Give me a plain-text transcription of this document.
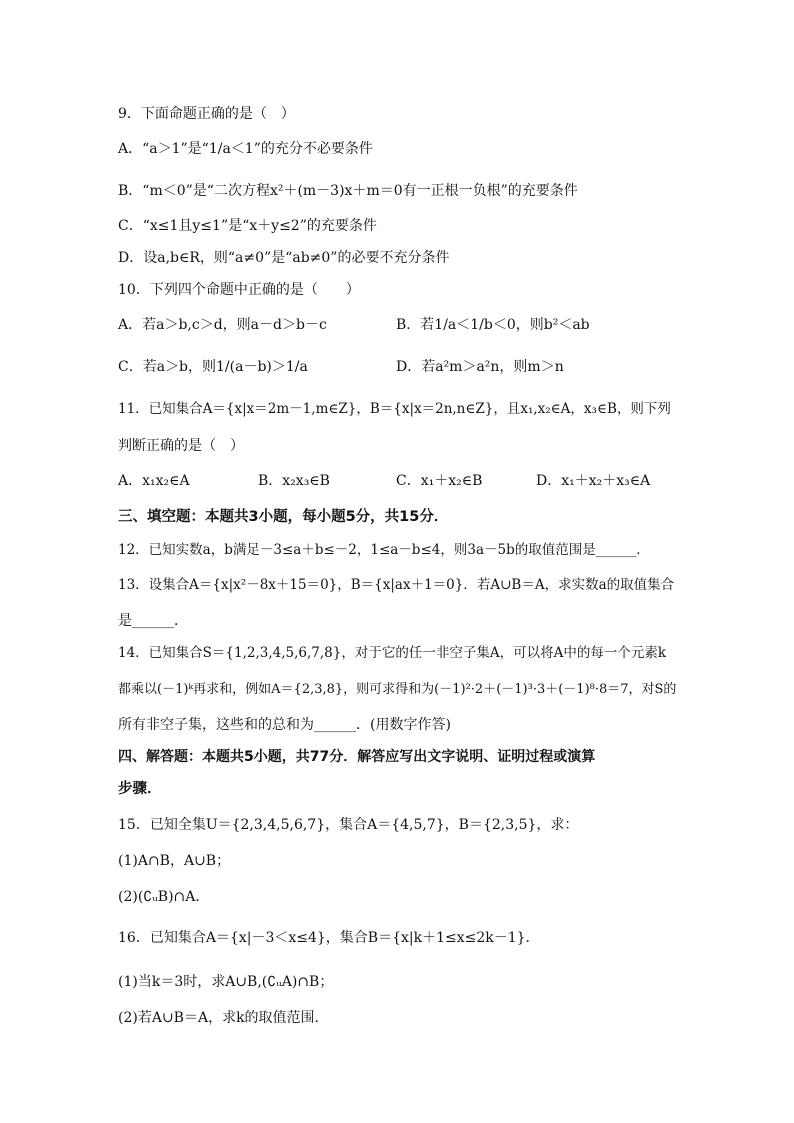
9．下面命题正确的是（　）
A．“a＞1”是“1/a＜1”的充分不必要条件
B．“m＜0”是“二次方程x²＋(m－3)x＋m＝0有一正根一负根”的充要条件
C．“x≤1且y≤1”是“x＋y≤2”的充要条件
D．设a,b∈R，则“a≠0”是“ab≠0”的必要不充分条件
10．下列四个命题中正确的是（　　）
A．若a＞b,c＞d，则a－d＞b－c	B．若1/a＜1/b＜0，则b²＜ab
C．若a＞b，则1/(a－b)＞1/a	D．若a²m＞a²n，则m＞n
11．已知集合A＝{x|x＝2m－1,m∈Z}，B＝{x|x＝2n,n∈Z}，且x₁,x₂∈A，x₃∈B，则下列
判断正确的是（　）
A．x₁x₂∈A	B．x₂x₃∈B	C．x₁＋x₂∈B	D．x₁＋x₂＋x₃∈A
三、填空题：本题共3小题，每小题5分，共15分．
12．已知实数a，b满足－3≤a＋b≤－2，1≤a－b≤4，则3a－5b的取值范围是______．
13．设集合A＝{x|x²－8x＋15＝0}，B＝{x|ax＋1＝0}．若A∪B＝A，求实数a的取值集合
是______．
14．已知集合S＝{1,2,3,4,5,6,7,8}，对于它的任一非空子集A，可以将A中的每一个元素k
都乘以(－1)ᵏ再求和，例如A＝{2,3,8}，则可求得和为(－1)²·2＋(－1)³·3＋(－1)⁸·8＝7，对S的
所有非空子集，这些和的总和为______．(用数字作答)
四、解答题：本题共5小题，共77分．解答应写出文字说明、证明过程或演算
步骤．
15．已知全集U＝{2,3,4,5,6,7}，集合A＝{4,5,7}，B＝{2,3,5}，求：
(1)A∩B，A∪B；
(2)(∁ᵤB)∩A．
16．已知集合A＝{x|－3＜x≤4}，集合B＝{x|k＋1≤x≤2k－1}．
(1)当k＝3时，求A∪B,(∁ᵤA)∩B；
(2)若A∪B＝A，求k的取值范围．
